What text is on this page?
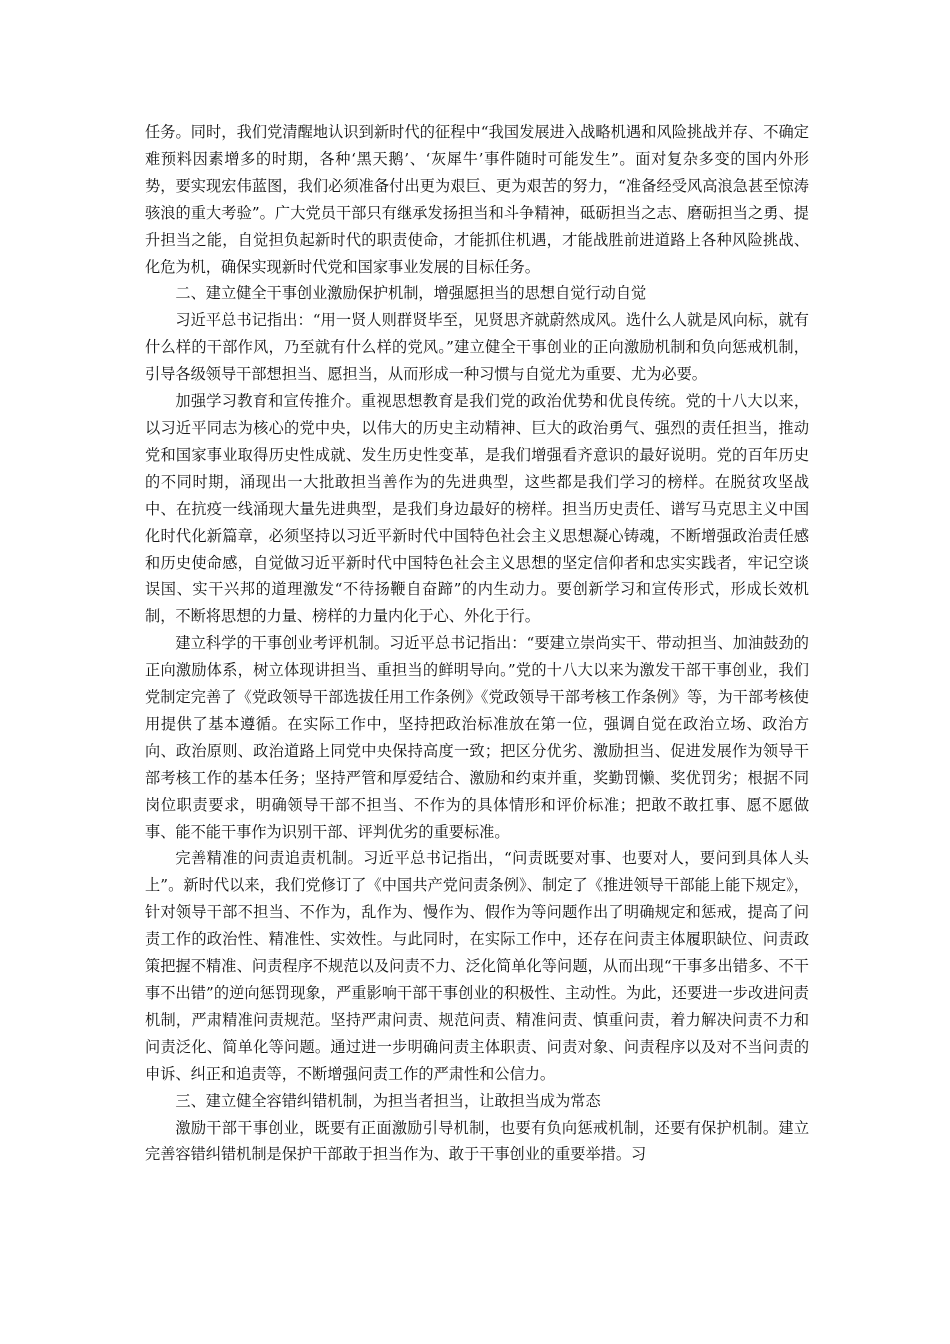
任务。同时，我们党清醒地认识到新时代的征程中“我国发展进入战略机遇和风险挑战并存、不确定难预料因素增多的时期，各种‘黑天鹅’、‘灰犀牛’事件随时可能发生”。面对复杂多变的国内外形势，要实现宏伟蓝图，我们必须准备付出更为艰巨、更为艰苦的努力，“准备经受风高浪急甚至惊涛骇浪的重大考验”。广大党员干部只有继承发扬担当和斗争精神，砥砺担当之志、磨砺担当之勇、提升担当之能，自觉担负起新时代的职责使命，才能抓住机遇，才能战胜前进道路上各种风险挑战、化危为机，确保实现新时代党和国家事业发展的目标任务。

二、建立健全干事创业激励保护机制，增强愿担当的思想自觉行动自觉

习近平总书记指出：“用一贤人则群贤毕至，见贤思齐就蔚然成风。选什么人就是风向标，就有什么样的干部作风，乃至就有什么样的党风。”建立健全干事创业的正向激励机制和负向惩戒机制，引导各级领导干部想担当、愿担当，从而形成一种习惯与自觉尤为重要、尤为必要。

加强学习教育和宣传推介。重视思想教育是我们党的政治优势和优良传统。党的十八大以来，以习近平同志为核心的党中央，以伟大的历史主动精神、巨大的政治勇气、强烈的责任担当，推动党和国家事业取得历史性成就、发生历史性变革，是我们增强看齐意识的最好说明。党的百年历史的不同时期，涌现出一大批敢担当善作为的先进典型，这些都是我们学习的榜样。在脱贫攻坚战中、在抗疫一线涌现大量先进典型，是我们身边最好的榜样。担当历史责任、谱写马克思主义中国化时代化新篇章，必须坚持以习近平新时代中国特色社会主义思想凝心铸魂，不断增强政治责任感和历史使命感，自觉做习近平新时代中国特色社会主义思想的坚定信仰者和忠实实践者，牢记空谈误国、实干兴邦的道理激发“不待扬鞭自奋蹄”的内生动力。要创新学习和宣传形式，形成长效机制，不断将思想的力量、榜样的力量内化于心、外化于行。

建立科学的干事创业考评机制。习近平总书记指出：“要建立崇尚实干、带动担当、加油鼓劲的正向激励体系，树立体现讲担当、重担当的鲜明导向。”党的十八大以来为激发干部干事创业，我们党制定完善了《党政领导干部选拔任用工作条例》《党政领导干部考核工作条例》等，为干部考核使用提供了基本遵循。在实际工作中，坚持把政治标准放在第一位，强调自觉在政治立场、政治方向、政治原则、政治道路上同党中央保持高度一致；把区分优劣、激励担当、促进发展作为领导干部考核工作的基本任务；坚持严管和厚爱结合、激励和约束并重，奖勤罚懒、奖优罚劣；根据不同岗位职责要求，明确领导干部不担当、不作为的具体情形和评价标准；把敢不敢扛事、愿不愿做事、能不能干事作为识别干部、评判优劣的重要标准。

完善精准的问责追责机制。习近平总书记指出，“问责既要对事、也要对人，要问到具体人头上”。新时代以来，我们党修订了《中国共产党问责条例》、制定了《推进领导干部能上能下规定》，针对领导干部不担当、不作为，乱作为、慢作为、假作为等问题作出了明确规定和惩戒，提高了问责工作的政治性、精准性、实效性。与此同时，在实际工作中，还存在问责主体履职缺位、问责政策把握不精准、问责程序不规范以及问责不力、泛化简单化等问题，从而出现“干事多出错多、不干事不出错”的逆向惩罚现象，严重影响干部干事创业的积极性、主动性。为此，还要进一步改进问责机制，严肃精准问责规范。坚持严肃问责、规范问责、精准问责、慎重问责，着力解决问责不力和问责泛化、简单化等问题。通过进一步明确问责主体职责、问责对象、问责程序以及对不当问责的申诉、纠正和追责等，不断增强问责工作的严肃性和公信力。

三、建立健全容错纠错机制，为担当者担当，让敢担当成为常态

激励干部干事创业，既要有正面激励引导机制，也要有负向惩戒机制，还要有保护机制。建立完善容错纠错机制是保护干部敢于担当作为、敢于干事创业的重要举措。习
